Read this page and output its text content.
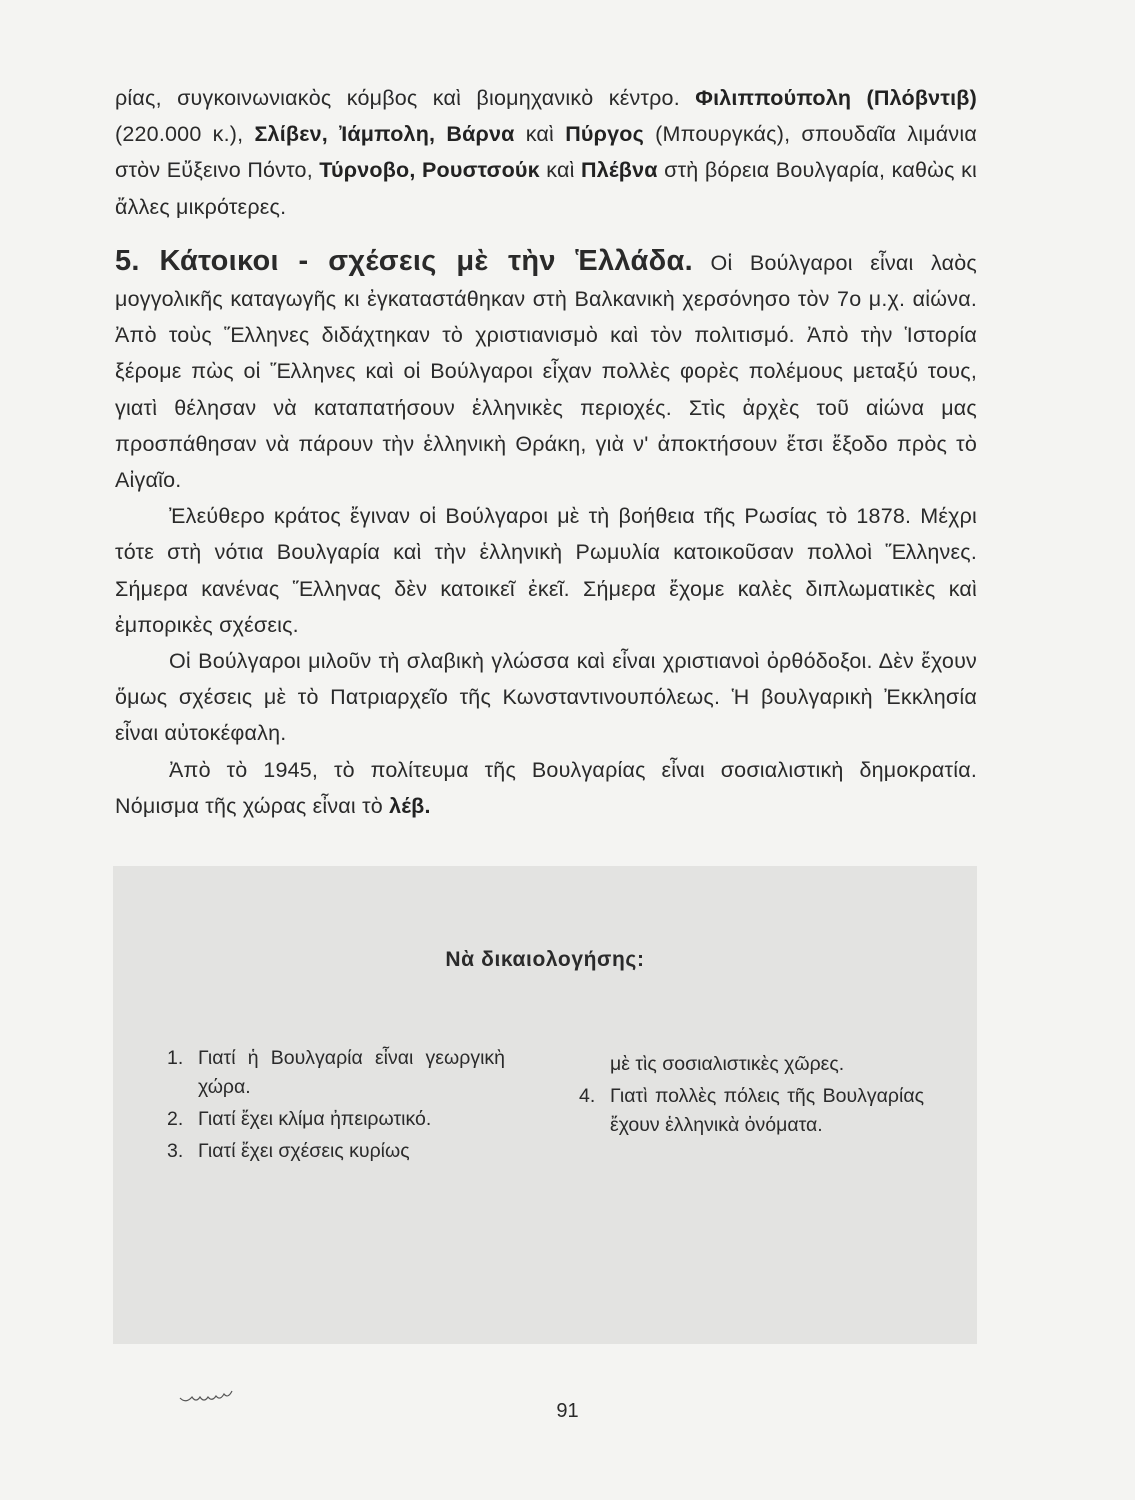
ρίας, συγκοινωνιακὸς κόμβος καὶ βιομηχανικὸ κέντρο. Φιλιππούπολη (Πλόβντιβ) (220.000 κ.), Σλίβεν, Ἰάμπολη, Βάρνα καὶ Πύργος (Μπουργκάς), σπουδαῖα λιμάνια στὸν Εὔξεινο Πόντο, Τύρνοβο, Ρουστσούκ καὶ Πλέβνα στὴ βόρεια Βουλγαρία, καθὼς κι ἄλλες μικρότερες.

5. Κάτοικοι - σχέσεις μὲ τὴν Ἑλλάδα. Οἱ Βούλγαροι εἶναι λαὸς μογγολικῆς καταγωγῆς κι ἐγκαταστάθηκαν στὴ Βαλκανικὴ χερσόνησο τὸν 7ο μ.χ. αἰώνα. Ἀπὸ τοὺς Ἕλληνες διδάχτηκαν τὸ χριστιανισμὸ καὶ τὸν πολιτισμό. Ἀπὸ τὴν Ἱστορία ξέρομε πὼς οἱ Ἕλληνες καὶ οἱ Βούλγαροι εἶχαν πολλὲς φορὲς πολέμους μεταξύ τους, γιατὶ θέλησαν νὰ καταπατήσουν ἑλληνικὲς περιοχές. Στὶς ἀρχὲς τοῦ αἰώνα μας προσπάθησαν νὰ πάρουν τὴν ἑλληνικὴ Θράκη, γιὰ ν' ἀποκτήσουν ἔτσι ἔξοδο πρὸς τὸ Αἰγαῖο.

Ἐλεύθερο κράτος ἔγιναν οἱ Βούλγαροι μὲ τὴ βοήθεια τῆς Ρωσίας τὸ 1878. Μέχρι τότε στὴ νότια Βουλγαρία καὶ τὴν ἑλληνικὴ Ρωμυλία κατοικοῦσαν πολλοὶ Ἕλληνες. Σήμερα κανένας Ἕλληνας δὲν κατοικεῖ ἐκεῖ. Σήμερα ἔχομε καλὲς διπλωματικὲς καὶ ἐμπορικὲς σχέσεις.

Οἱ Βούλγαροι μιλοῦν τὴ σλαβικὴ γλώσσα καὶ εἶναι χριστιανοὶ ὀρθόδοξοι. Δὲν ἔχουν ὅμως σχέσεις μὲ τὸ Πατριαρχεῖο τῆς Κωνσταντινουπόλεως. Ἡ βουλγαρικὴ Ἐκκλησία εἶναι αὐτοκέφαλη.

Ἀπὸ τὸ 1945, τὸ πολίτευμα τῆς Βουλγαρίας εἶναι σοσιαλιστικὴ δημοκρατία. Νόμισμα τῆς χώρας εἶναι τὸ λέβ.

Νὰ δικαιολογήσης:
1. Γιατί ἡ Βουλγαρία εἶναι γεωργικὴ χώρα.
2. Γιατί ἔχει κλίμα ἠπειρωτικό.
3. Γιατί ἔχει σχέσεις κυρίως
μὲ τὶς σοσιαλιστικὲς χῶρες.
4. Γιατὶ πολλὲς πόλεις τῆς Βουλγαρίας ἔχουν ἑλληνικὰ ὀνόματα.
91
